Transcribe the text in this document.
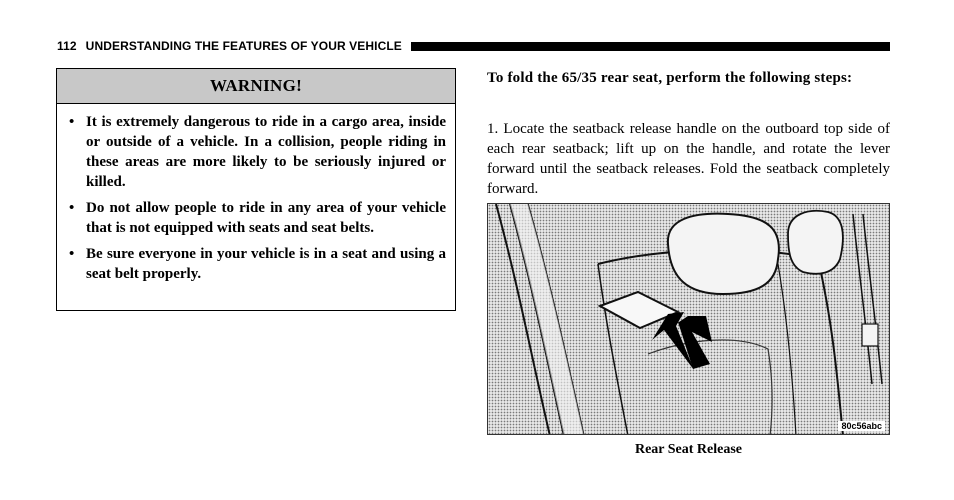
112 UNDERSTANDING THE FEATURES OF YOUR VEHICLE
WARNING!
• It is extremely dangerous to ride in a cargo area, inside or outside of a vehicle. In a collision, people riding in these areas are more likely to be seriously injured or killed.
• Do not allow people to ride in any area of your vehicle that is not equipped with seats and seat belts.
• Be sure everyone in your vehicle is in a seat and using a seat belt properly.
To fold the 65/35 rear seat, perform the following steps:
1. Locate the seatback release handle on the outboard top side of each rear seatback; lift up on the handle, and rotate the lever forward until the seatback releases. Fold the seatback completely forward.
80c56abc
Rear Seat Release
